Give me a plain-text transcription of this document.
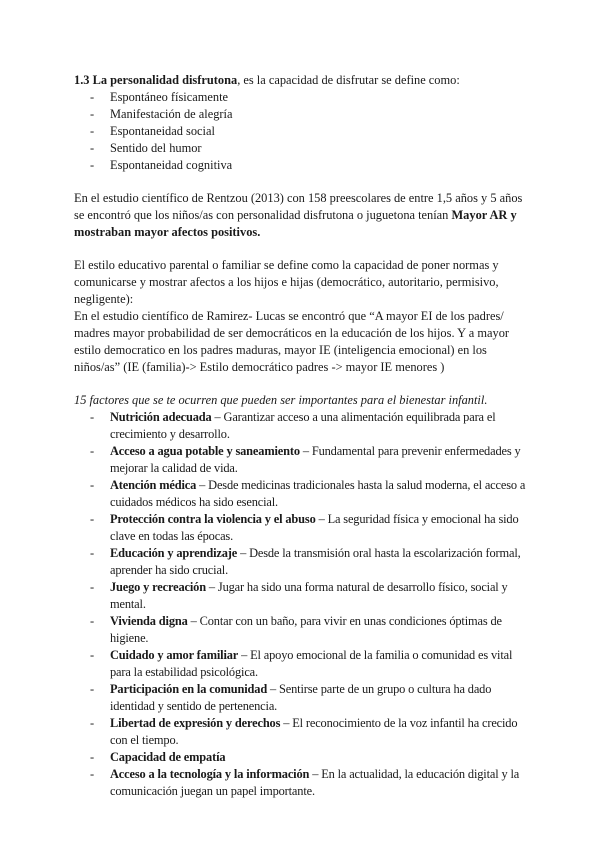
1.3 La personalidad disfrutona, es la capacidad de disfrutar se define como:

- Espontáneo físicamente
- Manifestación de alegría
- Espontaneidad social
- Sentido del humor
- Espontaneidad cognitiva

En el estudio científico de Rentzou (2013) con 158 preescolares de entre 1,5 años y 5 años se encontró que los niños/as con personalidad disfrutona o juguetona tenían Mayor AR y mostraban mayor afectos positivos.

El estilo educativo parental o familiar se define como la capacidad de poner normas y comunicarse y mostrar afectos a los hijos e hijas (democrático, autoritario, permisivo, negligente):

En el estudio científico de Ramirez- Lucas se encontró que “A mayor EI de los padres/ madres mayor probabilidad de ser democráticos en la educación de los hijos. Y a mayor estilo democratico en los padres maduras, mayor IE (inteligencia emocional) en los niños/as” (IE (familia)-> Estilo democrático padres -> mayor IE menores )

15 factores que se te ocurren que pueden ser importantes para el bienestar infantil.

- Nutrición adecuada – Garantizar acceso a una alimentación equilibrada para el crecimiento y desarrollo.
- Acceso a agua potable y saneamiento – Fundamental para prevenir enfermedades y mejorar la calidad de vida.
- Atención médica – Desde medicinas tradicionales hasta la salud moderna, el acceso a cuidados médicos ha sido esencial.
- Protección contra la violencia y el abuso – La seguridad física y emocional ha sido clave en todas las épocas.
- Educación y aprendizaje – Desde la transmisión oral hasta la escolarización formal, aprender ha sido crucial.
- Juego y recreación – Jugar ha sido una forma natural de desarrollo físico, social y mental.
- Vivienda digna – Contar con un baño, para vivir en unas condiciones óptimas de higiene.
- Cuidado y amor familiar – El apoyo emocional de la familia o comunidad es vital para la estabilidad psicológica.
- Participación en la comunidad – Sentirse parte de un grupo o cultura ha dado identidad y sentido de pertenencia.
- Libertad de expresión y derechos – El reconocimiento de la voz infantil ha crecido con el tiempo.
- Capacidad de empatía
- Acceso a la tecnología y la información – En la actualidad, la educación digital y la comunicación juegan un papel importante.
